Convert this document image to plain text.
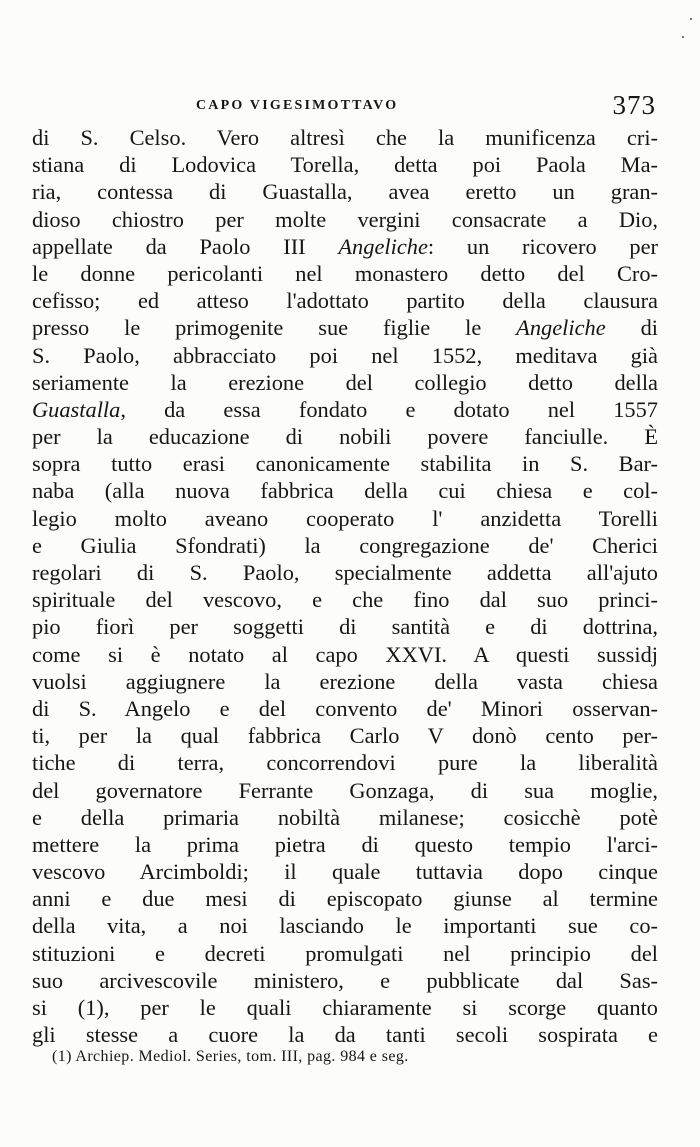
CAPO VIGESIMOTTAVO	373
di S. Celso. Vero altresì che la munificenza cri-
stiana di Lodovica Torella, detta poi Paola Ma-
ria, contessa di Guastalla, avea eretto un gran-
dioso chiostro per molte vergini consacrate a Dio,
appellate da Paolo III Angeliche: un ricovero per
le donne pericolanti nel monastero detto del Cro-
cefisso; ed atteso l'adottato partito della clausura
presso le primogenite sue figlie le Angeliche di
S. Paolo, abbracciato poi nel 1552, meditava già
seriamente la erezione del collegio detto della
Guastalla, da essa fondato e dotato nel 1557
per la educazione di nobili povere fanciulle. È
sopra tutto erasi canonicamente stabilita in S. Bar-
naba (alla nuova fabbrica della cui chiesa e col-
legio molto aveano cooperato l' anzidetta Torelli
e Giulia Sfondrati) la congregazione de' Cherici
regolari di S. Paolo, specialmente addetta all'ajuto
spirituale del vescovo, e che fino dal suo princi-
pio fiorì per soggetti di santità e di dottrina,
come si è notato al capo XXVI. A questi sussidj
vuolsi aggiugnere la erezione della vasta chiesa
di S. Angelo e del convento de' Minori osservan-
ti, per la qual fabbrica Carlo V donò cento per-
tiche di terra, concorrendovi pure la liberalità
del governatore Ferrante Gonzaga, di sua moglie,
e della primaria nobiltà milanese; cosicchè potè
mettere la prima pietra di questo tempio l'arci-
vescovo Arcimboldi; il quale tuttavia dopo cinque
anni e due mesi di episcopato giunse al termine
della vita, a noi lasciando le importanti sue co-
stituzioni e decreti promulgati nel principio del
suo arcivescovile ministero, e pubblicate dal Sas-
si (1), per le quali chiaramente si scorge quanto
gli stesse a cuore la da tanti secoli sospirata e
(1) Archiep. Mediol. Series, tom. III, pag. 984 e seg.
